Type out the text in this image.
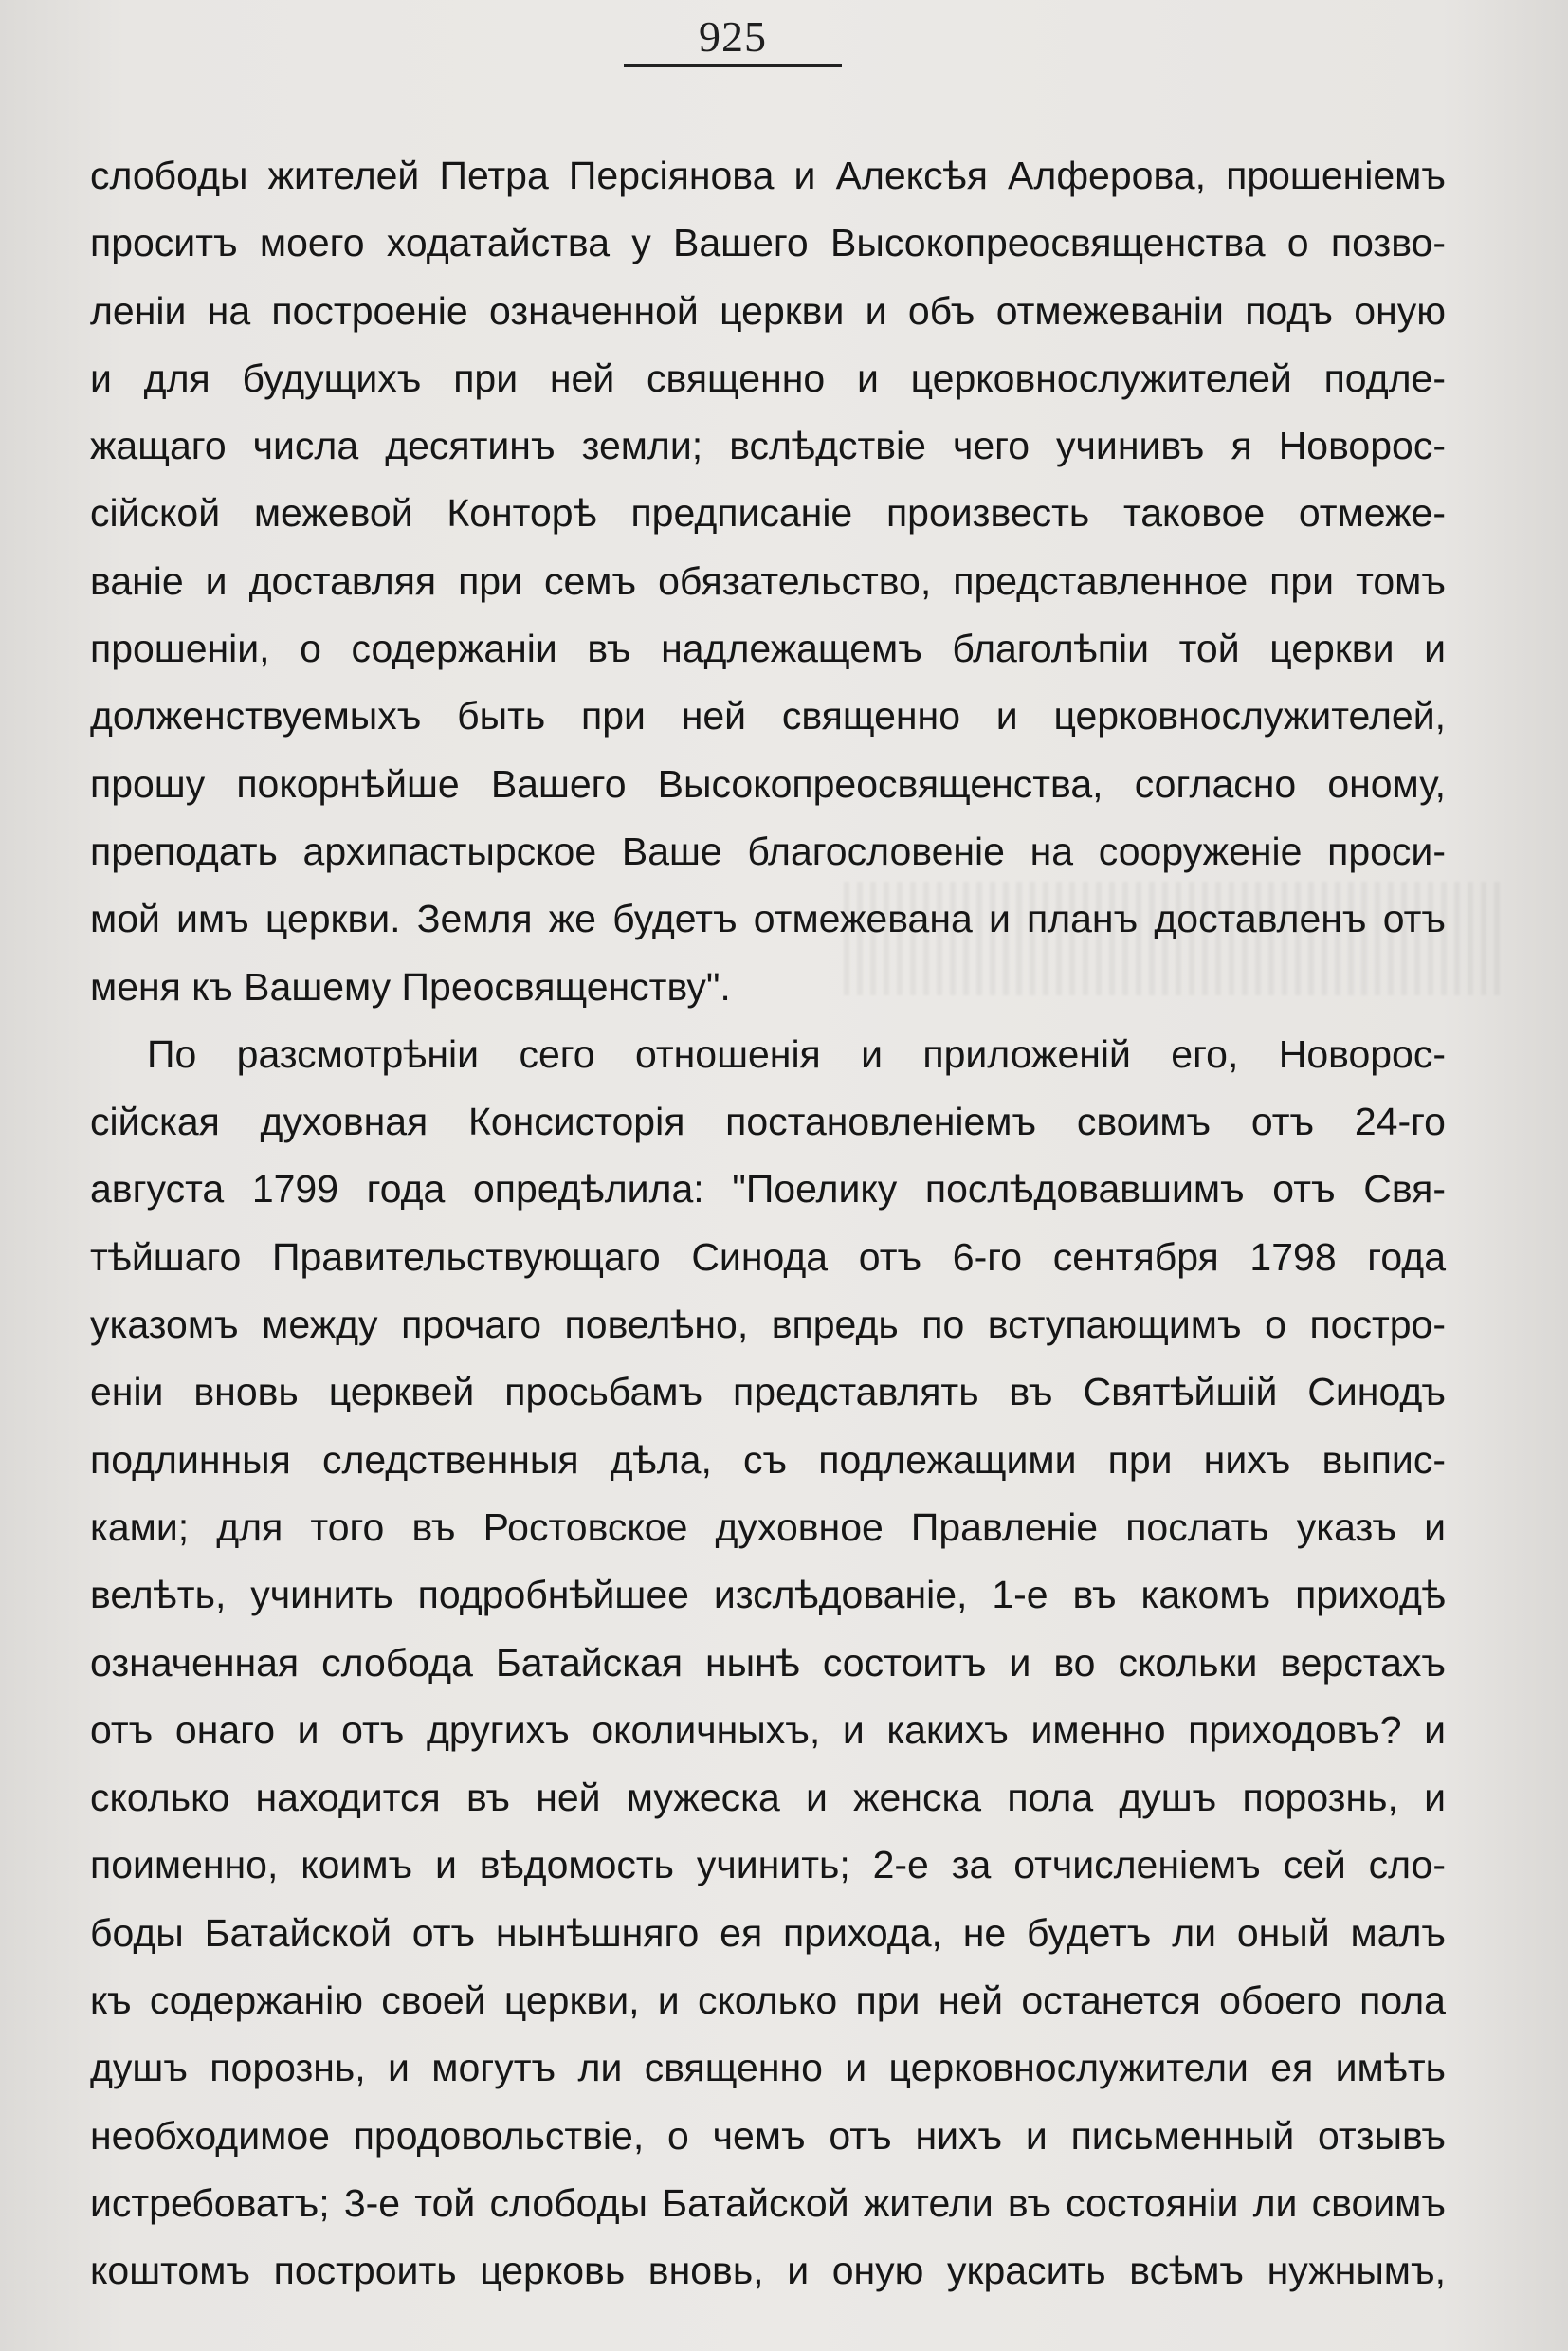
925
слободы жителей Петра Персіянова и Алексѣя Алферова, прошеніемъ
проситъ моего ходатайства у Вашего Высокопреосвященства о позво-
леніи на построеніе означенной церкви и объ отмежеваніи подъ оную
и для будущихъ при ней священно и церковнослужителей подле-
жащаго числа десятинъ земли; вслѣдствіе чего учинивъ я Новорос-
сійской межевой Конторѣ предписаніе произвесть таковое отмеже-
ваніе и доставляя при семъ обязательство, представленное при томъ
прошеніи, о содержаніи въ надлежащемъ благолѣпіи той церкви и
долженствуемыхъ быть при ней священно и церковнослужителей,
прошу покорнѣйше Вашего Высокопреосвященства, согласно оному,
преподать архипастырское Ваше благословеніе на сооруженіе проси-
мой имъ церкви. Земля же будетъ отмежевана и планъ доставленъ отъ
меня къ Вашему Преосвященству".
По разсмотрѣніи сего отношенія и приложеній его, Новорос-
сійская духовная Консисторія постановленіемъ своимъ отъ 24-го
августа 1799 года опредѣлила: "Поелику послѣдовавшимъ отъ Свя-
тѣйшаго Правительствующаго Синода отъ 6-го сентября 1798 года
указомъ между прочаго повелѣно, впредь по вступающимъ о постро-
еніи вновь церквей просьбамъ представлять въ Святѣйшій Синодъ
подлинныя следственныя дѣла, съ подлежащими при нихъ выпис-
ками; для того въ Ростовское духовное Правленіе послать указъ и
велѣть, учинить подробнѣйшее изслѣдованіе, 1-е въ какомъ приходѣ
означенная слобода Батайская нынѣ состоитъ и во скольки верстахъ
отъ онаго и отъ другихъ околичныхъ, и какихъ именно приходовъ? и
сколько находится въ ней мужеска и женска пола душъ порознь, и
поименно, коимъ и вѣдомость учинить; 2-е за отчисленіемъ сей сло-
боды Батайской отъ нынѣшняго ея прихода, не будетъ ли оный малъ
къ содержанію своей церкви, и сколько при ней останется обоего пола
душъ порознь, и могутъ ли священно и церковнослужители ея имѣть
необходимое продовольствіе, о чемъ отъ нихъ и письменный отзывъ
истребоватъ; 3-е той слободы Батайской жители въ состояніи ли своимъ
коштомъ построить церковь вновь, и оную украсить всѣмъ нужнымъ,
